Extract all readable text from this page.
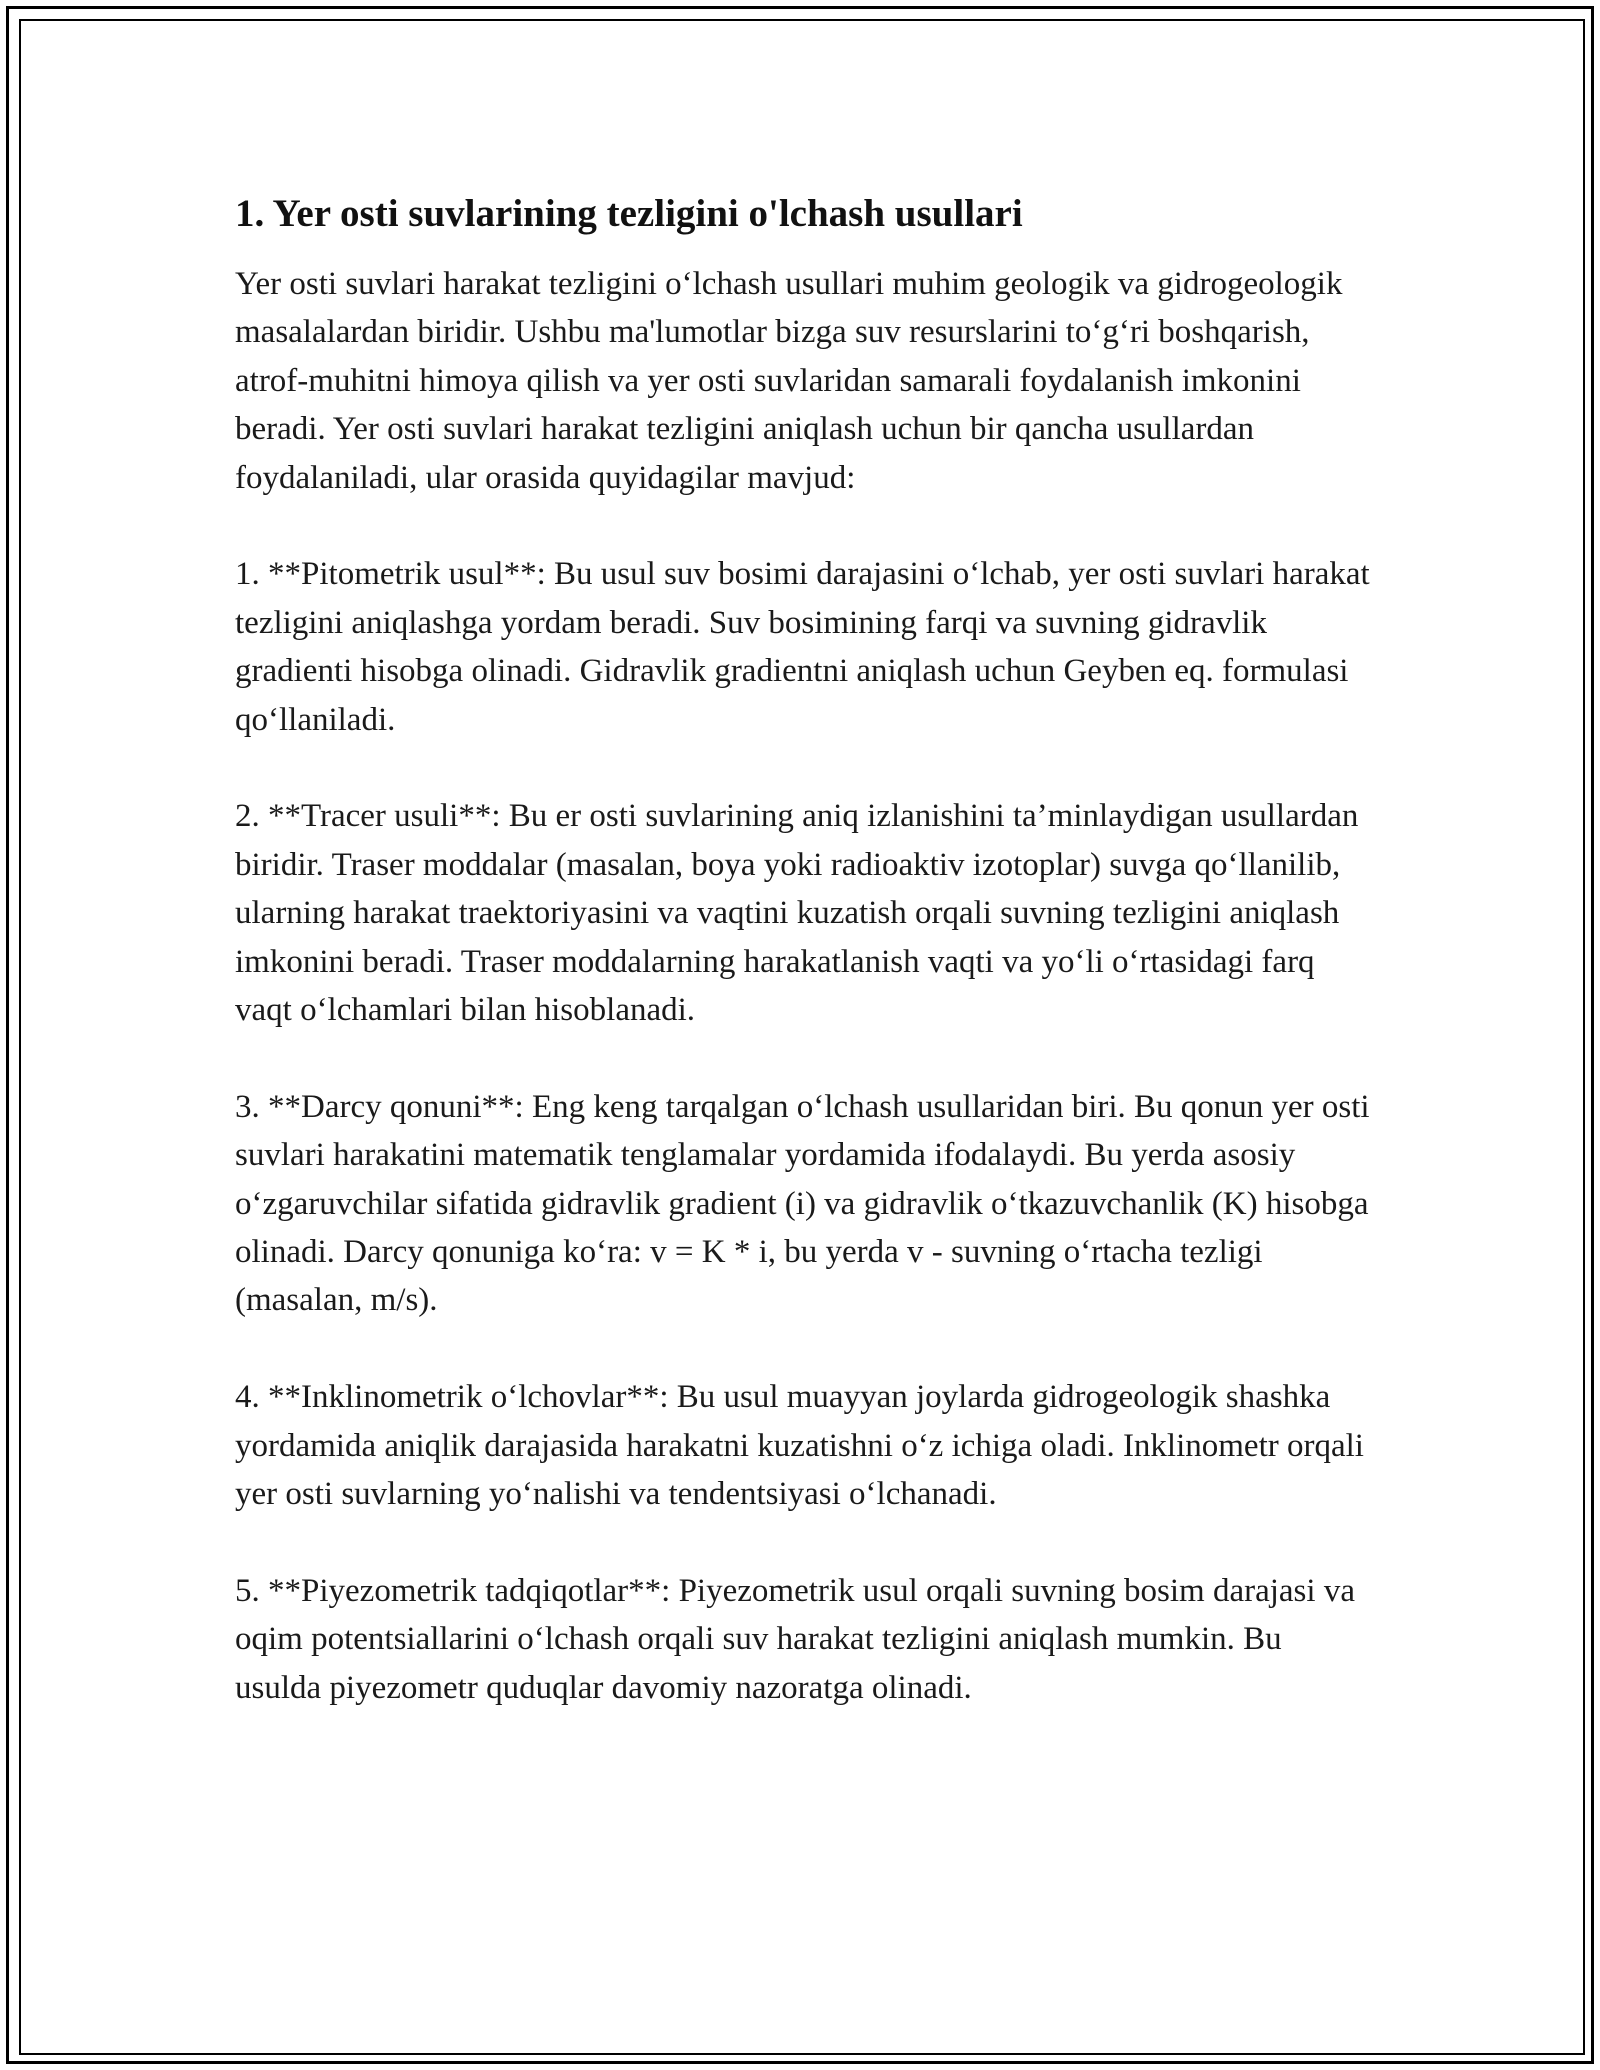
1. Yer osti suvlarining tezligini o'lchash usullari

Yer osti suvlari harakat tezligini o‘lchash usullari muhim geologik va gidrogeologik masalalardan biridir. Ushbu ma'lumotlar bizga suv resurslarini to‘g‘ri boshqarish, atrof-muhitni himoya qilish va yer osti suvlaridan samarali foydalanish imkonini beradi. Yer osti suvlari harakat tezligini aniqlash uchun bir qancha usullardan foydalaniladi, ular orasida quyidagilar mavjud:

1. **Pitometrik usul**: Bu usul suv bosimi darajasini o‘lchab, yer osti suvlari harakat tezligini aniqlashga yordam beradi. Suv bosimining farqi va suvning gidravlik gradienti hisobga olinadi. Gidravlik gradientni aniqlash uchun Geyben eq. formulasi qo‘llaniladi.

2. **Tracer usuli**: Bu er osti suvlarining aniq izlanishini ta’minlaydigan usullardan biridir. Traser moddalar (masalan, boya yoki radioaktiv izotoplar) suvga qo‘llanilib, ularning harakat traektoriyasini va vaqtini kuzatish orqali suvning tezligini aniqlash imkonini beradi. Traser moddalarning harakatlanish vaqti va yo‘li o‘rtasidagi farq vaqt o‘lchamlari bilan hisoblanadi.

3. **Darcy qonuni**: Eng keng tarqalgan o‘lchash usullaridan biri. Bu qonun yer osti suvlari harakatini matematik tenglamalar yordamida ifodalaydi. Bu yerda asosiy o‘zgaruvchilar sifatida gidravlik gradient (i) va gidravlik o‘tkazuvchanlik (K) hisobga olinadi. Darcy qonuniga ko‘ra: v = K * i, bu yerda v - suvning o‘rtacha tezligi (masalan, m/s).

4. **Inklinometrik o‘lchovlar**: Bu usul muayyan joylarda gidrogeologik shashka yordamida aniqlik darajasida harakatni kuzatishni o‘z ichiga oladi. Inklinometr orqali yer osti suvlarning yo‘nalishi va tendentsiyasi o‘lchanadi.

5. **Piyezometrik tadqiqotlar**: Piyezometrik usul orqali suvning bosim darajasi va oqim potentsiallarini o‘lchash orqali suv harakat tezligini aniqlash mumkin. Bu usulda piyezometr quduqlar davomiy nazoratga olinadi.
